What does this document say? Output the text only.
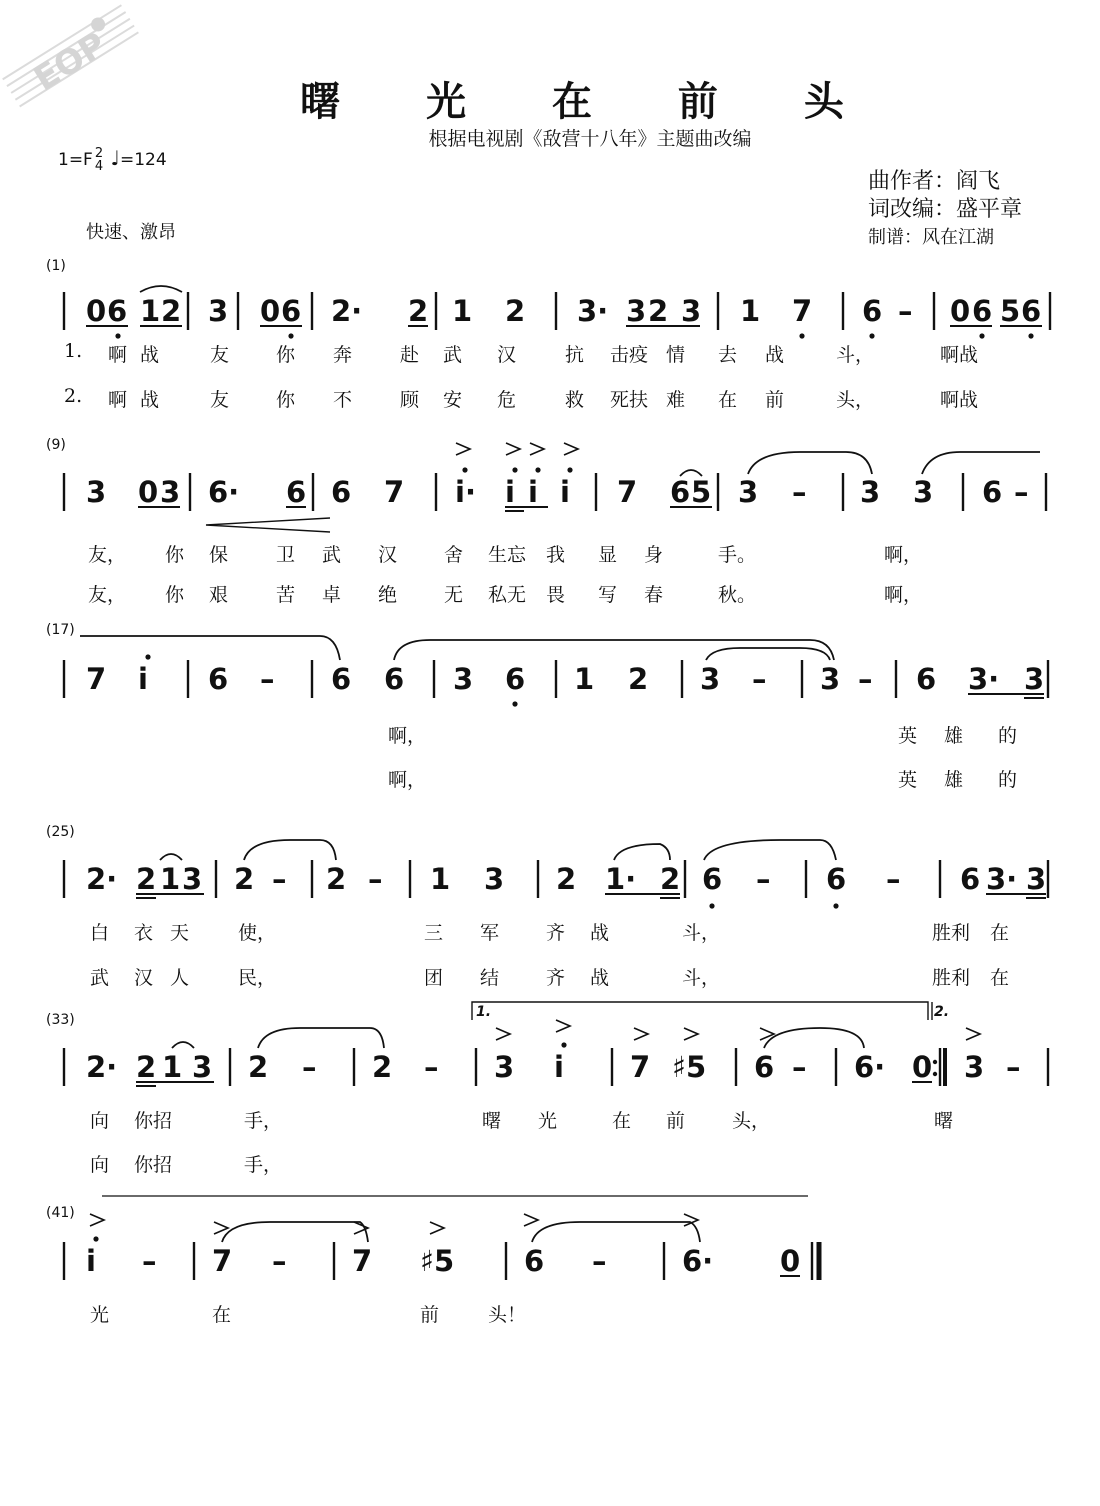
EOP
曙 光 在 前 头
根据电视剧《敌营十八年》主题曲改编
1=F 2
4 ♩=124
曲作者：阎飞
词改编：盛平章
制谱：风在江湖
快速、激昂
(1)
(9)
(17)
(25)
(33)
(41)
0 6 1 2 3 0 6 2· 2 1 2 3· 3 2 3 1 7 6 – 0 6 5 6
1. 啊 战	友 你 奔	赴 武 汉	抗 击疫 情 去 战	斗，	啊战
2. 啊 战	友 你 不	顾 安 危	救 死扶 难 在 前	头，	啊战
3 0 3 6· 6 6 7 i· i i i 7 6 5 3 – 3 3 6 –
友， 你 保	卫 武 汉 舍 生忘 我 显 身	手。	啊，
友， 你 艰	苦 卓 绝 无 私无 畏 写 春	秋。	啊，
7 i 6 – 6 6 3 6 1 2 3 – 3 – 6 3· 3
啊，	英 雄 的
啊，	英 雄 的
2· 2 1 3 2 – 2 – 1 3 2 1· 2 6 – 6 – 6 3· 3
白 衣 天	使，	三 军 齐 战	斗，	胜利 在
武 汉 人	民，	团 结 齐 战	斗，	胜利 在
2· 2 1 3 2 – 2 – 3 i 7 ♯5 6 – 6· 0 3 –
向 你招	手，	曙 光	在 前 头，	曙
向 你招	手，
i – 7 – 7 ♯5 6 –	6· 0
光	在	前	头！
1.	2.
